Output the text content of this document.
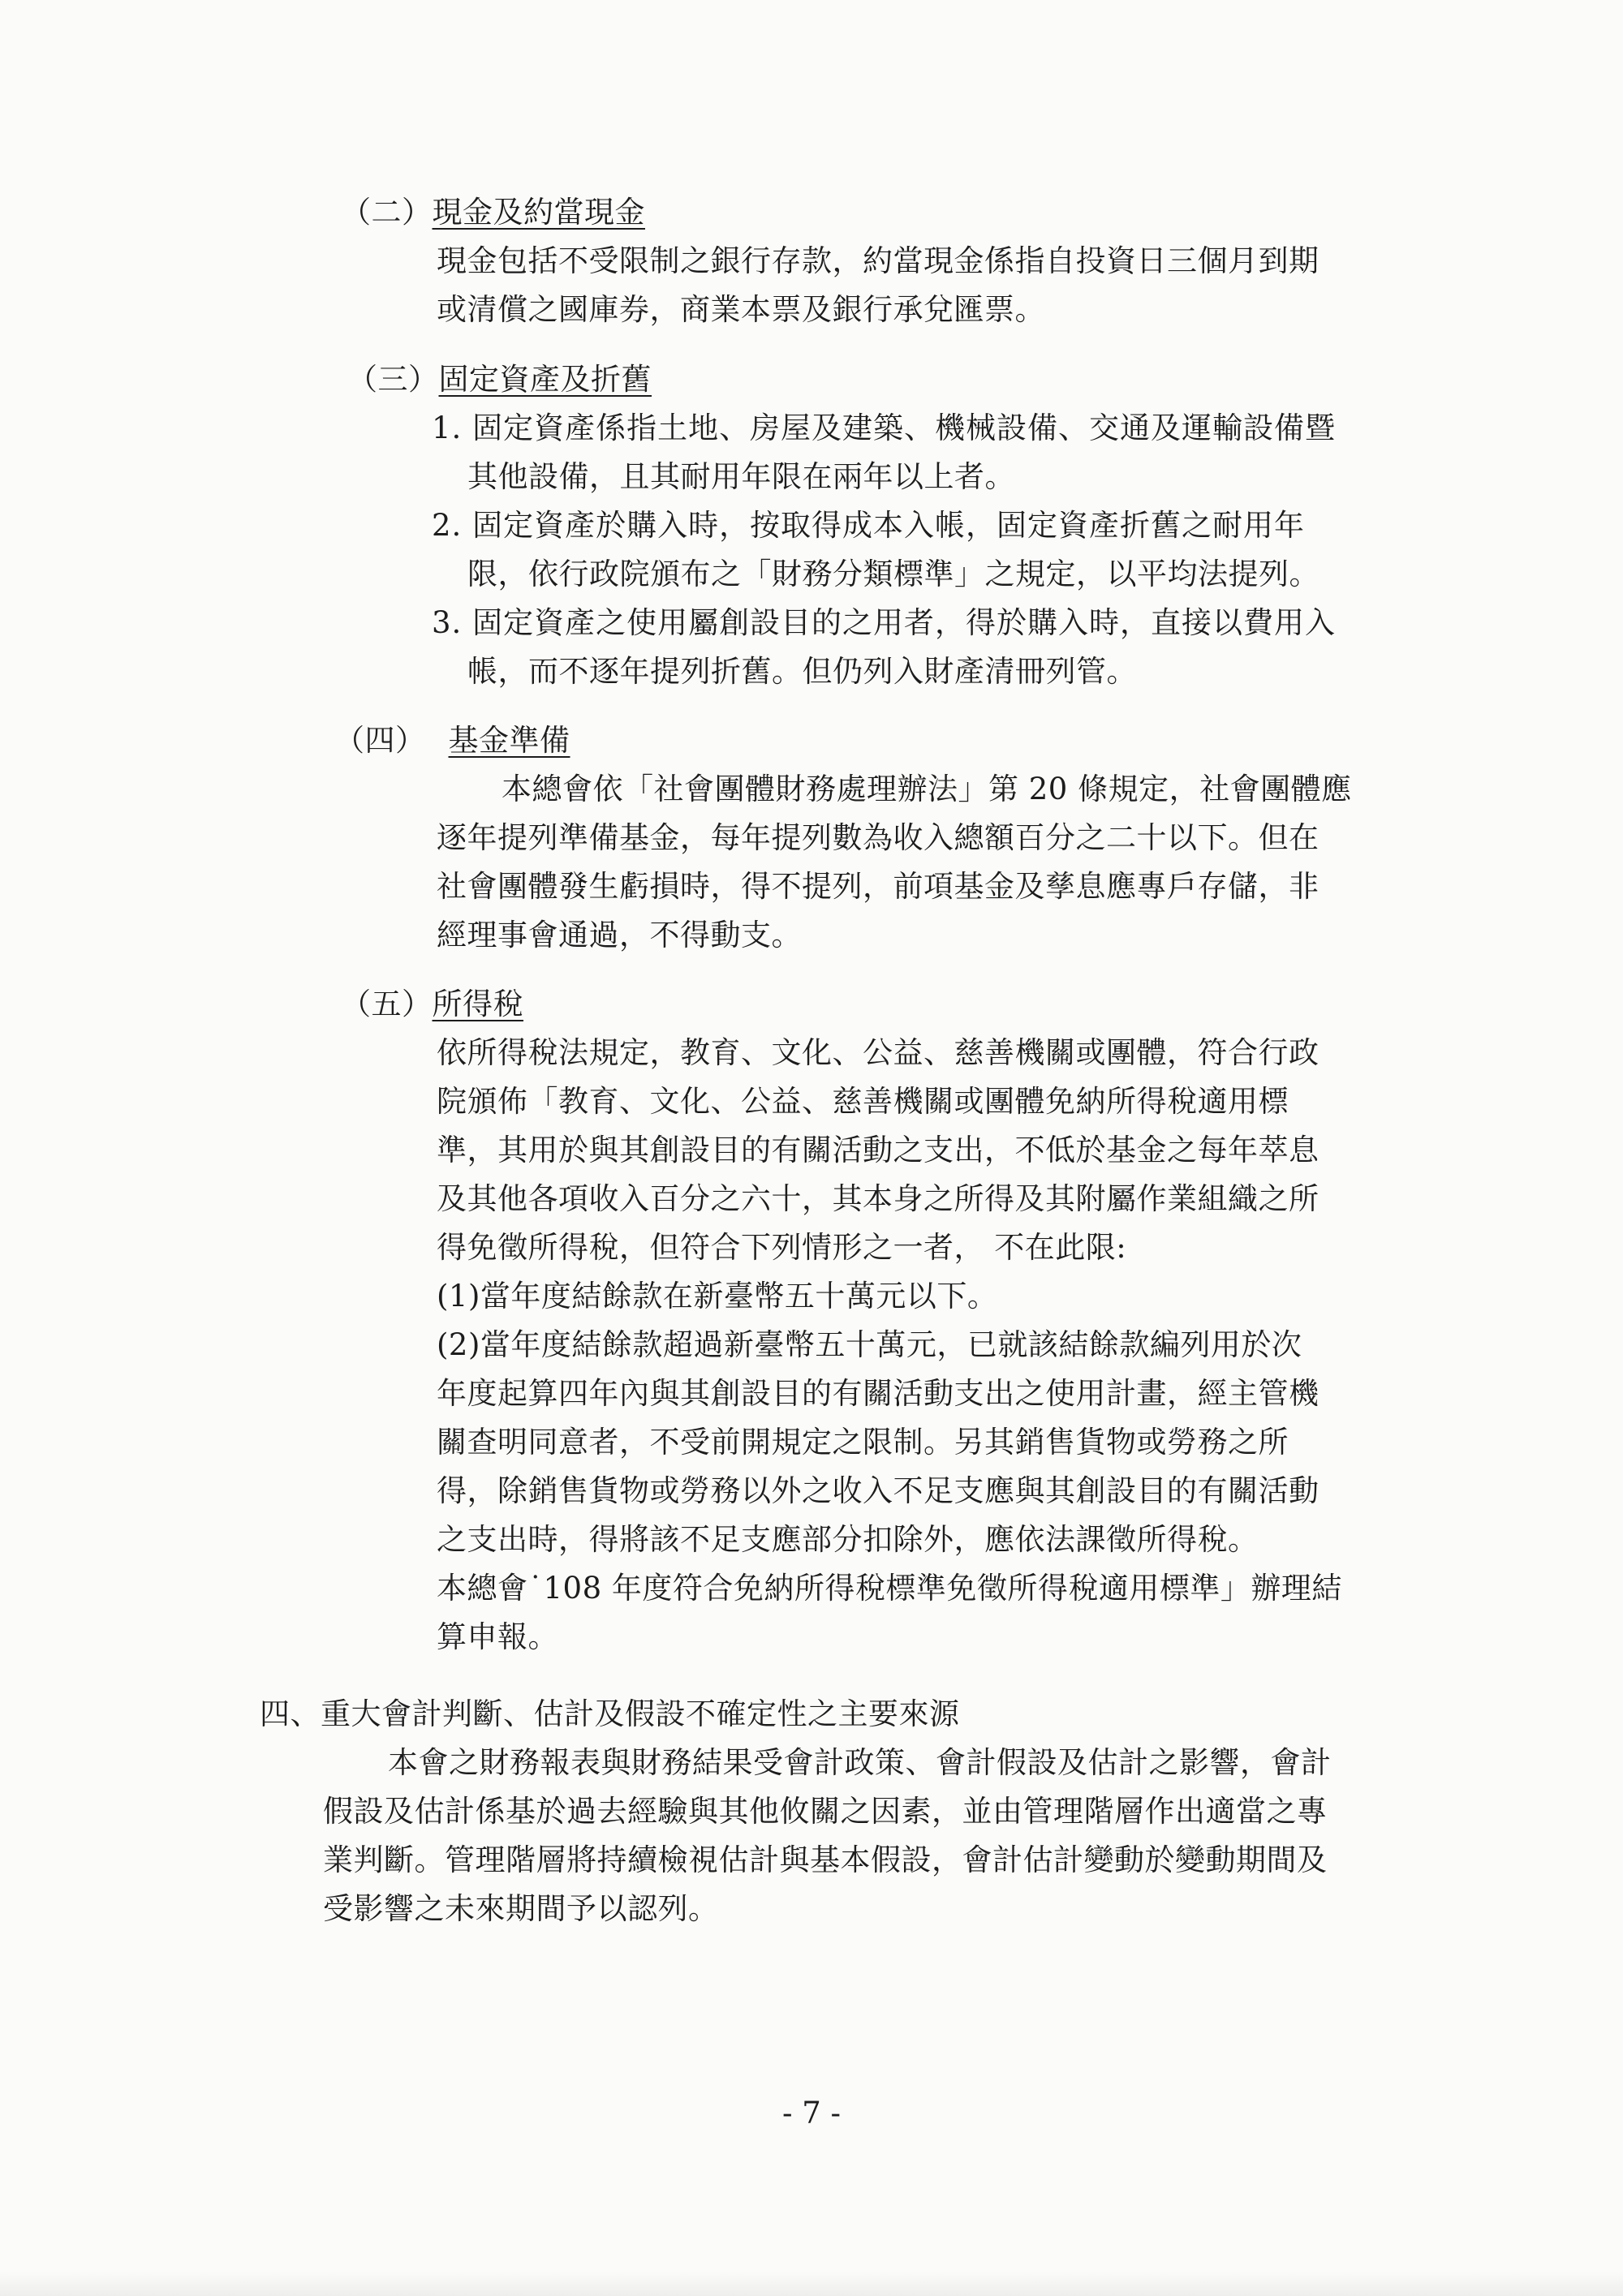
（二）現金及約當現金

現金包括不受限制之銀行存款，約當現金係指自投資日三個月到期

或清償之國庫券，商業本票及銀行承兌匯票。

（三）固定資產及折舊

1. 固定資產係指土地、房屋及建築、機械設備、交通及運輸設備暨

其他設備，且其耐用年限在兩年以上者。

2. 固定資產於購入時，按取得成本入帳，固定資產折舊之耐用年

限，依行政院頒布之「財務分類標準」之規定，以平均法提列。

3. 固定資產之使用屬創設目的之用者，得於購入時，直接以費用入

帳，而不逐年提列折舊。但仍列入財產清冊列管。

（四） 基金準備

本總會依「社會團體財務處理辦法」第 20 條規定，社會團體應

逐年提列準備基金，每年提列數為收入總額百分之二十以下。但在

社會團體發生虧損時，得不提列，前項基金及孳息應專戶存儲，非

經理事會通過，不得動支。

（五）所得稅

依所得稅法規定，教育、文化、公益、慈善機關或團體，符合行政

院頒佈「教育、文化、公益、慈善機關或團體免納所得稅適用標

準，其用於與其創設目的有關活動之支出，不低於基金之每年萃息

及其他各項收入百分之六十，其本身之所得及其附屬作業組織之所

得免徵所得稅，但符合下列情形之一者， 不在此限:

(1)當年度結餘款在新臺幣五十萬元以下。

(2)當年度結餘款超過新臺幣五十萬元，已就該結餘款編列用於次

年度起算四年內與其創設目的有關活動支出之使用計畫，經主管機

關查明同意者，不受前開規定之限制。另其銷售貨物或勞務之所

得，除銷售貨物或勞務以外之收入不足支應與其創設目的有關活動

之支出時，得將該不足支應部分扣除外，應依法課徵所得稅。

本總會˙108 年度符合免納所得稅標準免徵所得稅適用標準」辦理結

算申報。

四、重大會計判斷、估計及假設不確定性之主要來源

本會之財務報表與財務結果受會計政策、會計假設及估計之影響，會計

假設及估計係基於過去經驗與其他攸關之因素，並由管理階層作出適當之專

業判斷。管理階層將持續檢視估計與基本假設，會計估計變動於變動期間及

受影響之未來期間予以認列。

- 7 -
